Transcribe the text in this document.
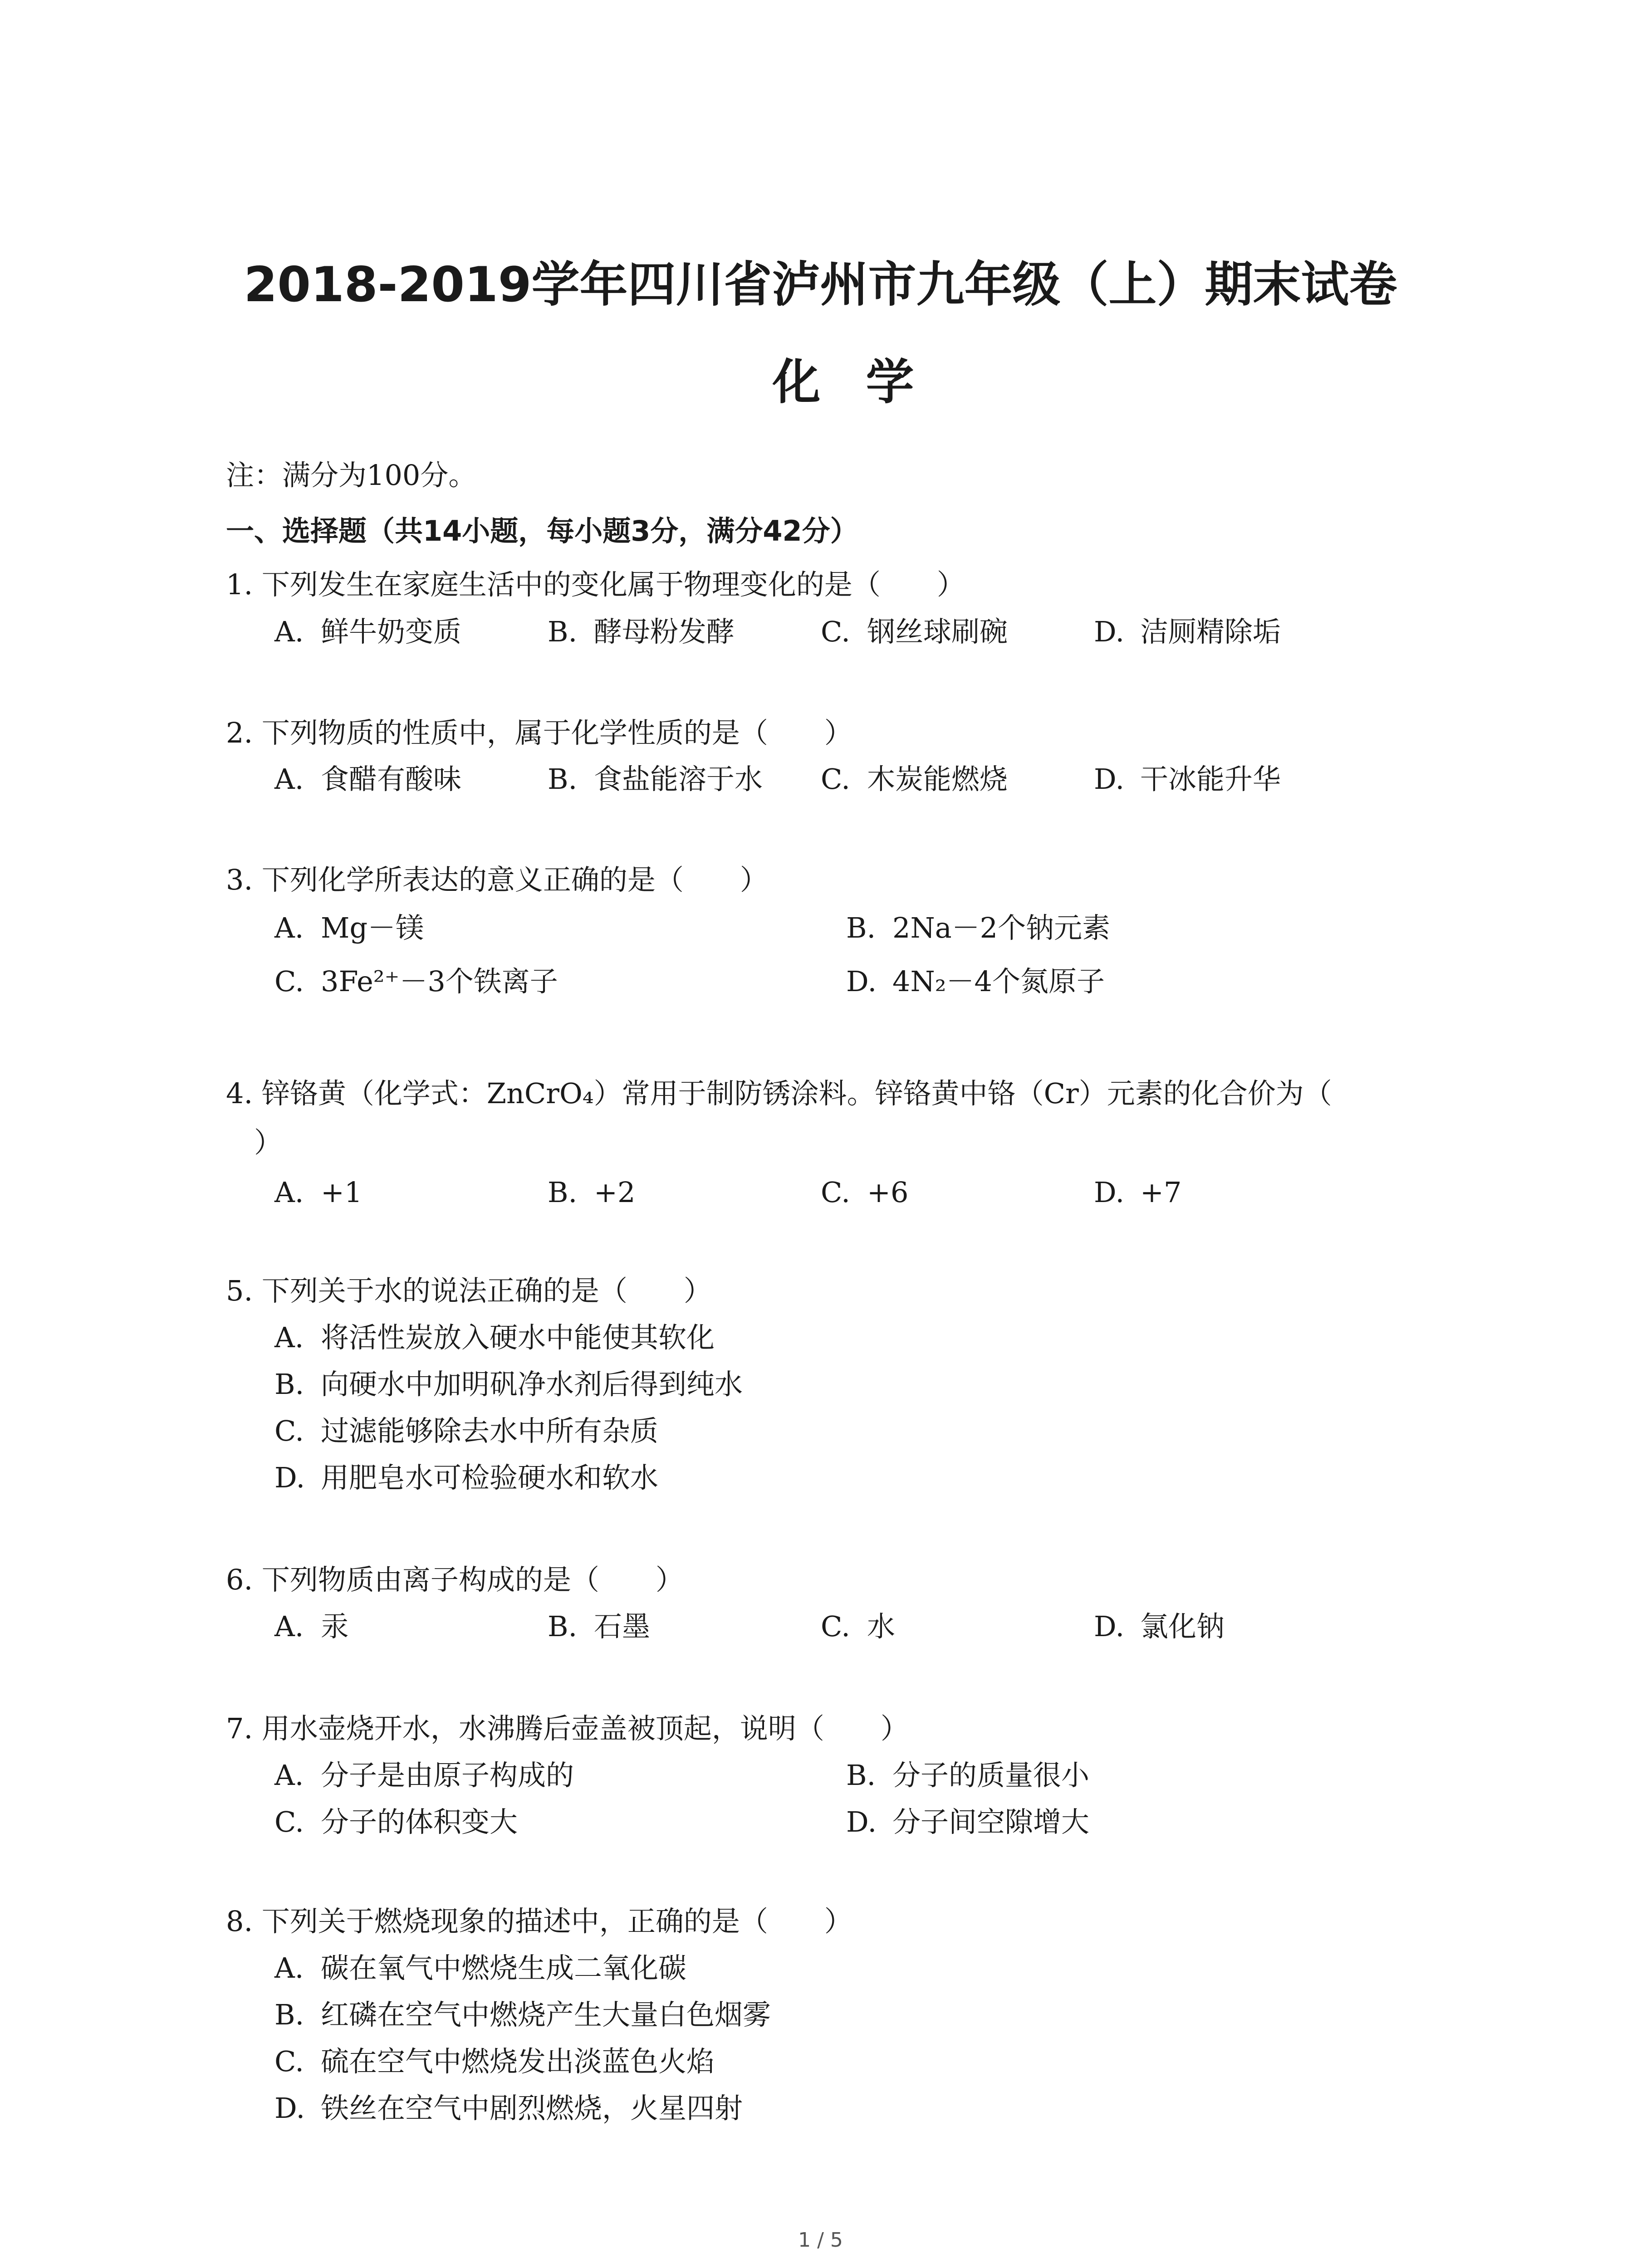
2018-2019学年四川省泸州市九年级（上）期末试卷
化学
注：满分为100分。
一、选择题（共14小题，每小题3分，满分42分）
1. 下列发生在家庭生活中的变化属于物理变化的是（　　）
A. 鲜牛奶变质	B. 酵母粉发酵	C. 钢丝球刷碗	D. 洁厕精除垢
2. 下列物质的性质中，属于化学性质的是（　　）
A. 食醋有酸味	B. 食盐能溶于水 C. 木炭能燃烧	D. 干冰能升华
3. 下列化学所表达的意义正确的是（　　）
A. Mg－镁	B. 2Na－2个钠元素
C. 3Fe²⁺－3个铁离子	D. 4N₂－4个氮原子
4. 锌铬黄（化学式：ZnCrO₄）常用于制防锈涂料。锌铬黄中铬（Cr）元素的化合价为（
）
A. +1	B. +2	C. +6	D. +7
5. 下列关于水的说法正确的是（　　）
A. 将活性炭放入硬水中能使其软化
B. 向硬水中加明矾净水剂后得到纯水
C. 过滤能够除去水中所有杂质
D. 用肥皂水可检验硬水和软水
6. 下列物质由离子构成的是（　　）
A. 汞	B. 石墨	C. 水	D. 氯化钠
7. 用水壶烧开水，水沸腾后壶盖被顶起，说明（　　）
A. 分子是由原子构成的	B. 分子的质量很小
C. 分子的体积变大	D. 分子间空隙增大
8. 下列关于燃烧现象的描述中，正确的是（　　）
A. 碳在氧气中燃烧生成二氧化碳
B. 红磷在空气中燃烧产生大量白色烟雾
C. 硫在空气中燃烧发出淡蓝色火焰
D. 铁丝在空气中剧烈燃烧，火星四射
1 / 5
